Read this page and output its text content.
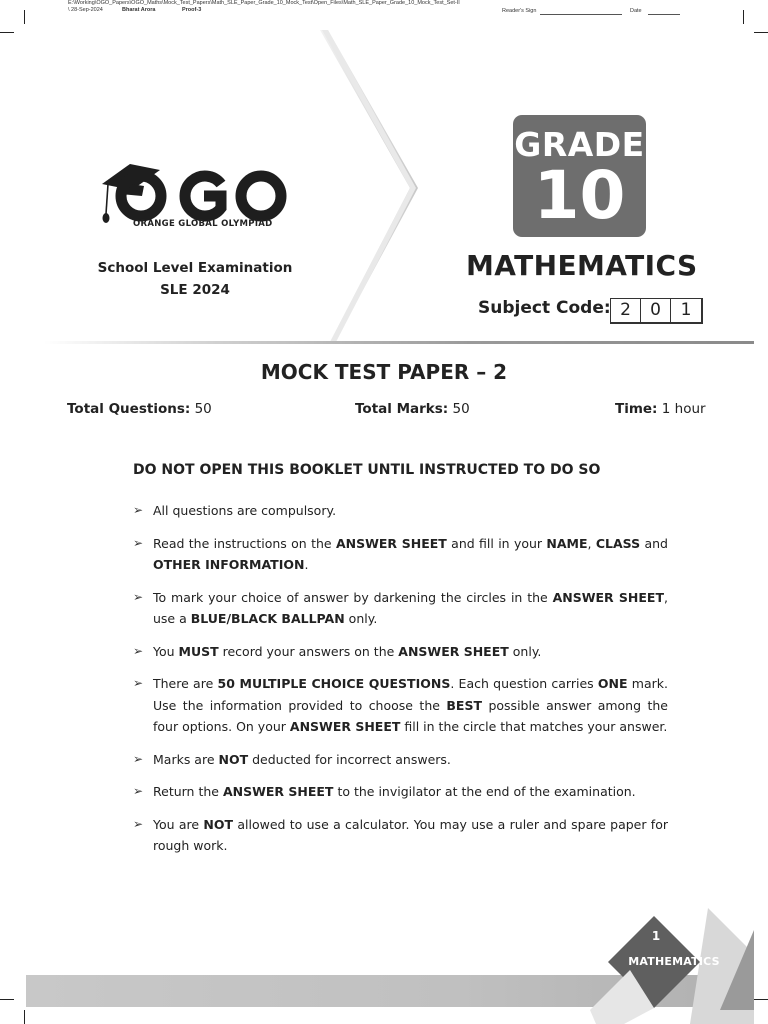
E:\Working\OGO_Papers\OGO_Maths\Mock_Test_Papers\Math_SLE_Paper_Grade_10_Mock_Test\Open_Files\Math_SLE_Paper_Grade_10_Mock_Test_Set-II
\ 28-Sep-2024	Bharat Arora	Proof-3	Reader's Sign	Date
ORANGE GLOBAL OLYMPIAD
School Level Examination
SLE 2024
GRADE
10
MATHEMATICS
Subject Code: 2	0	1
MOCK TEST PAPER – 2
Total Questions: 50	Total Marks: 50	Time: 1 hour
DO NOT OPEN THIS BOOKLET UNTIL INSTRUCTED TO DO SO
➢ All questions are compulsory.
➢ Read the instructions on the ANSWER SHEET and fill in your NAME, CLASS and OTHER INFORMATION.
➢ To mark your choice of answer by darkening the circles in the ANSWER SHEET, use a BLUE/BLACK BALLPAN only.
➢ You MUST record your answers on the ANSWER SHEET only.
➢ There are 50 MULTIPLE CHOICE QUESTIONS. Each question carries ONE mark. Use the information provided to choose the BEST possible answer among the four options. On your ANSWER SHEET fill in the circle that matches your answer.
➢ Marks are NOT deducted for incorrect answers.
➢ Return the ANSWER SHEET to the invigilator at the end of the examination.
➢ You are NOT allowed to use a calculator. You may use a ruler and spare paper for rough work.
1
MATHEMATICS
